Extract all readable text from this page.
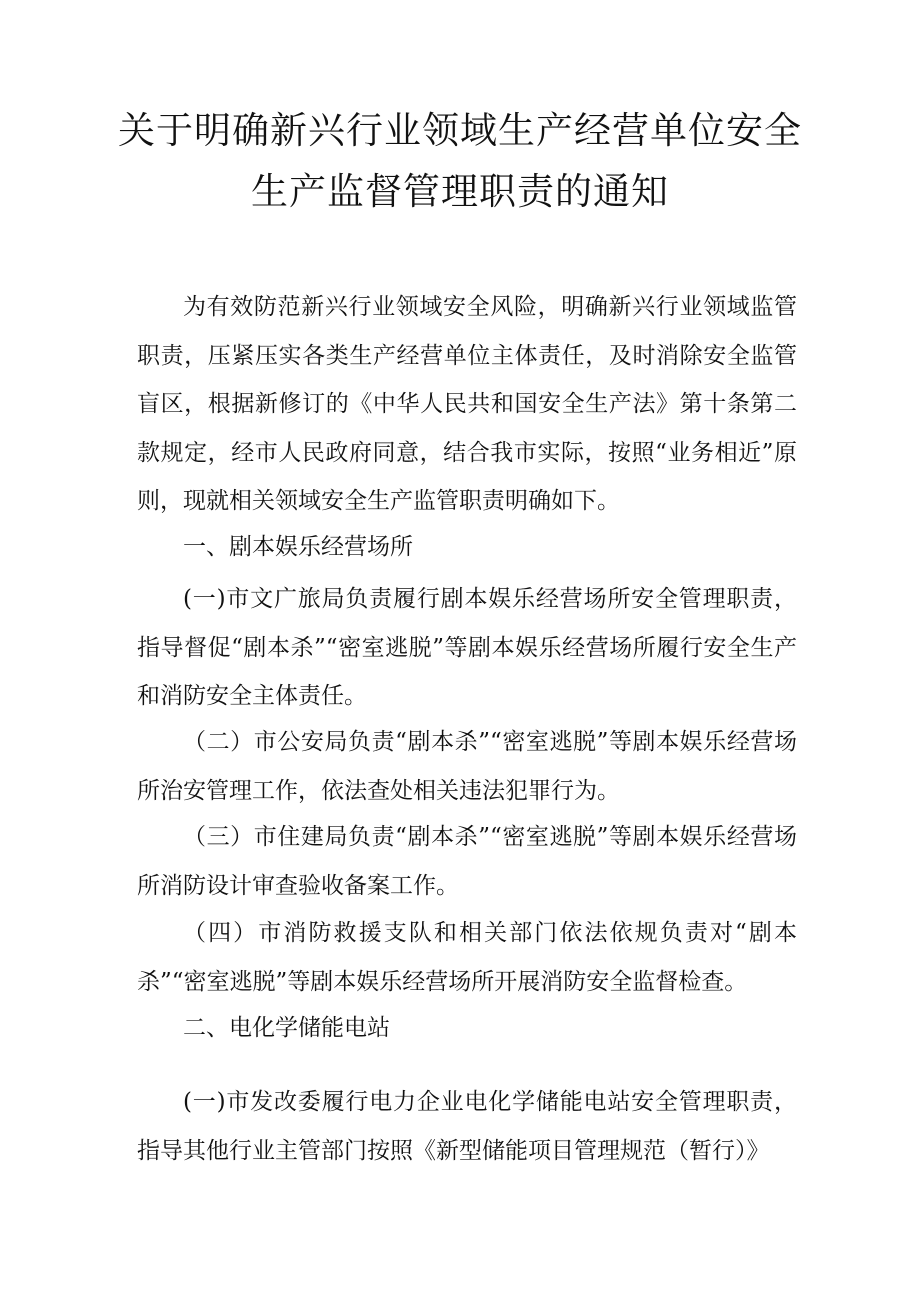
关于明确新兴行业领域生产经营单位安全
生产监督管理职责的通知
为有效防范新兴行业领域安全风险，明确新兴行业领域监管职责，压紧压实各类生产经营单位主体责任，及时消除安全监管盲区，根据新修订的《中华人民共和国安全生产法》第十条第二款规定，经市人民政府同意，结合我市实际，按照“业务相近”原则，现就相关领域安全生产监管职责明确如下。
一、剧本娱乐经营场所
(一)市文广旅局负责履行剧本娱乐经营场所安全管理职责，指导督促“剧本杀”“密室逃脱”等剧本娱乐经营场所履行安全生产和消防安全主体责任。
（二）市公安局负责“剧本杀”“密室逃脱”等剧本娱乐经营场所治安管理工作，依法查处相关违法犯罪行为。
（三）市住建局负责“剧本杀”“密室逃脱”等剧本娱乐经营场所消防设计审查验收备案工作。
（四）市消防救援支队和相关部门依法依规负责对“剧本杀”“密室逃脱”等剧本娱乐经营场所开展消防安全监督检查。
二、电化学储能电站
(一)市发改委履行电力企业电化学储能电站安全管理职责，指导其他行业主管部门按照《新型储能项目管理规范（暂行）》
